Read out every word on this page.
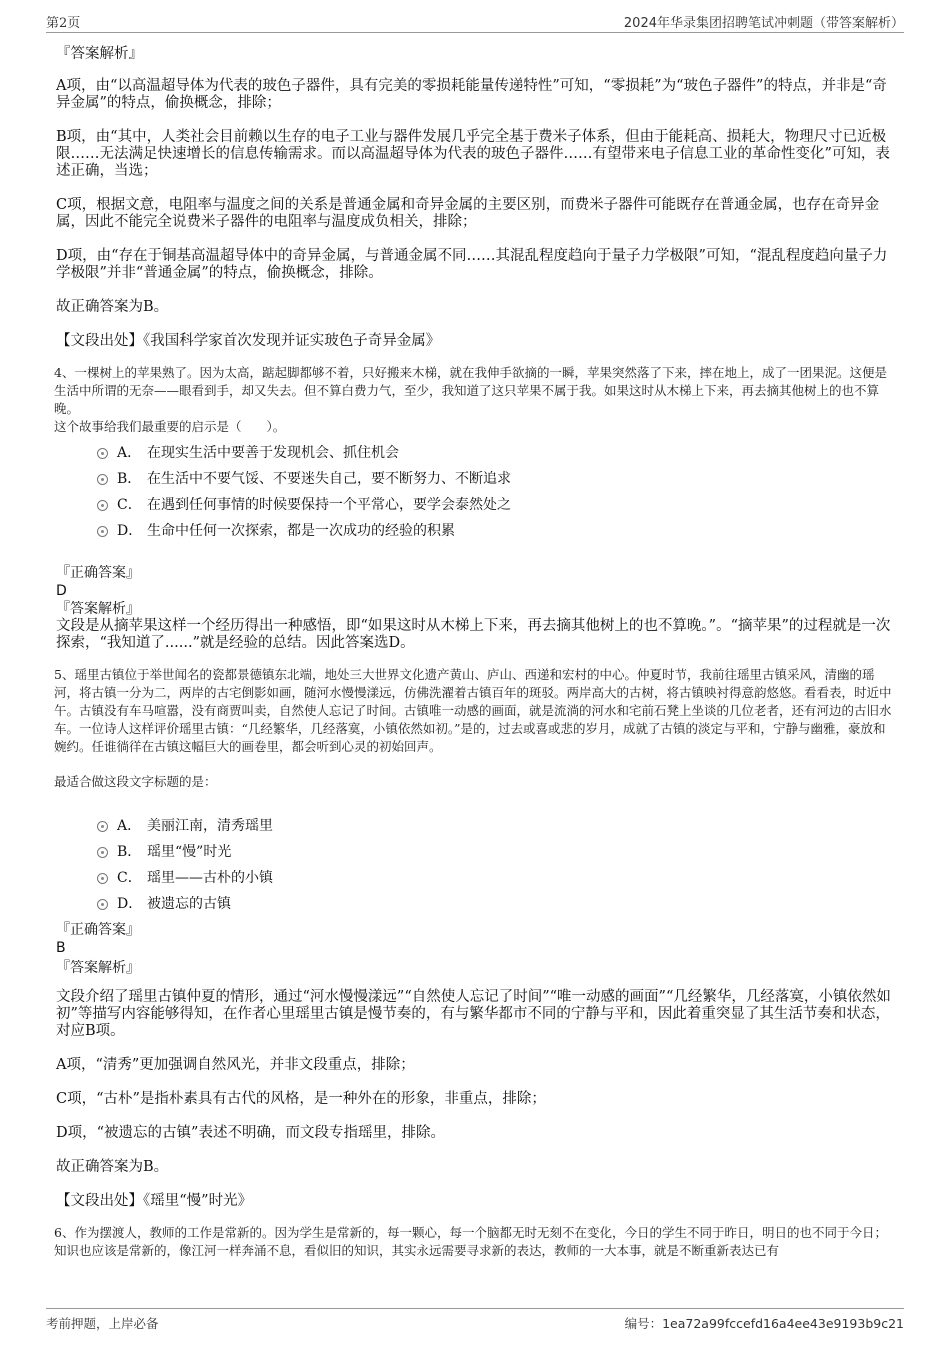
第2页	2024年华录集团招聘笔试冲刺题（带答案解析）

『答案解析』

A项，由“以高温超导体为代表的玻色子器件，具有完美的零损耗能量传递特性”可知，“零损耗”为“玻色子器件”的特点，并非是“奇异金属”的特点，偷换概念，排除；

B项，由“其中，人类社会目前赖以生存的电子工业与器件发展几乎完全基于费米子体系，但由于能耗高、损耗大，物理尺寸已近极限……无法满足快速增长的信息传输需求。而以高温超导体为代表的玻色子器件……有望带来电子信息工业的革命性变化”可知，表述正确，当选；

C项，根据文意，电阻率与温度之间的关系是普通金属和奇异金属的主要区别，而费米子器件可能既存在普通金属，也存在奇异金属，因此不能完全说费米子器件的电阻率与温度成负相关，排除；

D项，由“存在于铜基高温超导体中的奇异金属，与普通金属不同……其混乱程度趋向于量子力学极限”可知，“混乱程度趋向量子力学极限”并非“普通金属”的特点，偷换概念，排除。

故正确答案为B。

【文段出处】《我国科学家首次发现并证实玻色子奇异金属》

4、一棵树上的苹果熟了。因为太高，踮起脚都够不着，只好搬来木梯，就在我伸手欲摘的一瞬，苹果突然落了下来，摔在地上，成了一团果泥。这便是生活中所谓的无奈——眼看到手，却又失去。但不算白费力气，至少，我知道了这只苹果不属于我。如果这时从木梯上下来，再去摘其他树上的也不算晚。

这个故事给我们最重要的启示是（　　）。

A． 在现实生活中要善于发现机会、抓住机会
B． 在生活中不要气馁、不要迷失自己，要不断努力、不断追求
C． 在遇到任何事情的时候要保持一个平常心，要学会泰然处之
D． 生命中任何一次探索，都是一次成功的经验的积累

『正确答案』

D

『答案解析』

文段是从摘苹果这样一个经历得出一种感悟，即“如果这时从木梯上下来，再去摘其他树上的也不算晚。”。“摘苹果”的过程就是一次探索，“我知道了......”就是经验的总结。因此答案选D。

5、瑶里古镇位于举世闻名的瓷都景德镇东北端，地处三大世界文化遗产黄山、庐山、西递和宏村的中心。仲夏时节，我前往瑶里古镇采风，清幽的瑶河，将古镇一分为二，两岸的古宅倒影如画，随河水慢慢漾远，仿佛洗濯着古镇百年的斑驳。两岸高大的古树，将古镇映衬得意韵悠悠。看看表，时近中午。古镇没有车马喧嚣，没有商贾叫卖，自然使人忘记了时间。古镇唯一动感的画面，就是流淌的河水和宅前石凳上坐谈的几位老者，还有河边的古旧水车。一位诗人这样评价瑶里古镇：“几经繁华，几经落寞，小镇依然如初。”是的，过去或喜或悲的岁月，成就了古镇的淡定与平和，宁静与幽雅，豪放和婉约。任谁徜徉在古镇这幅巨大的画卷里，都会听到心灵的初始回声。

最适合做这段文字标题的是：

A． 美丽江南，清秀瑶里
B． 瑶里“慢”时光
C． 瑶里——古朴的小镇
D． 被遗忘的古镇

『正确答案』

B

『答案解析』

文段介绍了瑶里古镇仲夏的情形，通过“河水慢慢漾远”“自然使人忘记了时间”“唯一动感的画面”“几经繁华，几经落寞，小镇依然如初”等描写内容能够得知，在作者心里瑶里古镇是慢节奏的，有与繁华都市不同的宁静与平和，因此着重突显了其生活节奏和状态，对应B项。

A项，“清秀”更加强调自然风光，并非文段重点，排除；

C项，“古朴”是指朴素具有古代的风格，是一种外在的形象，非重点，排除；

D项，“被遗忘的古镇”表述不明确，而文段专指瑶里，排除。

故正确答案为B。

【文段出处】《瑶里“慢”时光》

6、作为摆渡人，教师的工作是常新的。因为学生是常新的，每一颗心，每一个脑都无时无刻不在变化，今日的学生不同于昨日，明日的也不同于今日；知识也应该是常新的，像江河一样奔涌不息，看似旧的知识，其实永远需要寻求新的表达，教师的一大本事，就是不断重新表达已有

考前押题，上岸必备	编号：1ea72a99fccefd16a4ee43e9193b9c21
